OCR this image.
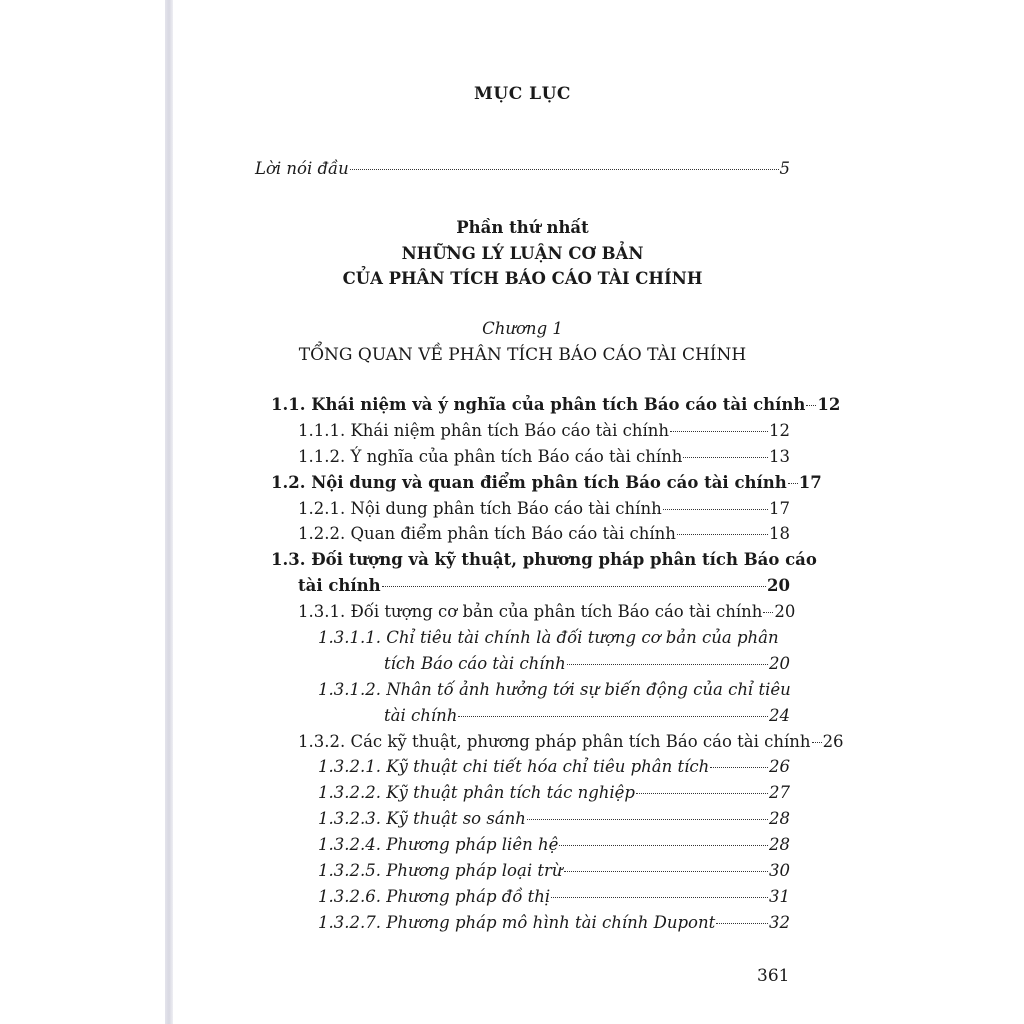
MỤC LỤC
Lời nói đầu	5
Phần thứ nhất
NHỮNG LÝ LUẬN CƠ BẢN
CỦA PHÂN TÍCH BÁO CÁO TÀI CHÍNH
Chương 1
TỔNG QUAN VỀ PHÂN TÍCH BÁO CÁO TÀI CHÍNH
1.1. Khái niệm và ý nghĩa của phân tích Báo cáo tài chính 12
1.1.1. Khái niệm phân tích Báo cáo tài chính	12
1.1.2. Ý nghĩa của phân tích Báo cáo tài chính	13
1.2. Nội dung và quan điểm phân tích Báo cáo tài chính 17
1.2.1. Nội dung phân tích Báo cáo tài chính	17
1.2.2. Quan điểm phân tích Báo cáo tài chính	18
1.3. Đối tượng và kỹ thuật, phương pháp phân tích Báo cáo
tài chính	20
1.3.1. Đối tượng cơ bản của phân tích Báo cáo tài chính 20
1.3.1.1. Chỉ tiêu tài chính là đối tượng cơ bản của phân
tích Báo cáo tài chính	20
1.3.1.2. Nhân tố ảnh hưởng tới sự biến động của chỉ tiêu
tài chính	24
1.3.2. Các kỹ thuật, phương pháp phân tích Báo cáo tài chính 26
1.3.2.1. Kỹ thuật chi tiết hóa chỉ tiêu phân tích	26
1.3.2.2. Kỹ thuật phân tích tác nghiệp	27
1.3.2.3. Kỹ thuật so sánh	28
1.3.2.4. Phương pháp liên hệ	28
1.3.2.5. Phương pháp loại trừ	30
1.3.2.6. Phương pháp đồ thị	31
1.3.2.7. Phương pháp mô hình tài chính Dupont	32
361
